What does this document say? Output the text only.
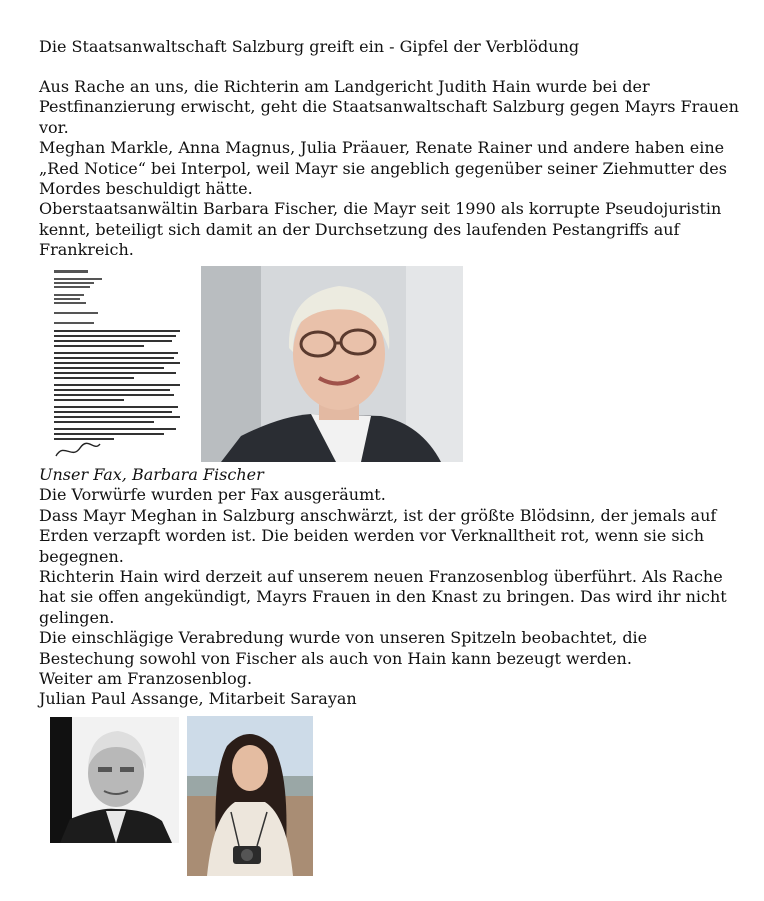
Die Staatsanwaltschaft Salzburg greift ein - Gipfel der Verblödung

Aus Rache an uns, die Richterin am Landgericht Judith Hain wurde bei der Pestfinanzierung erwischt, geht die Staatsanwaltschaft Salzburg gegen Mayrs Frauen vor.
Meghan Markle, Anna Magnus, Julia Präauer, Renate Rainer und andere haben eine „Red Notice“ bei Interpol, weil Mayr sie angeblich gegenüber seiner Ziehmutter des Mordes beschuldigt hätte.
Oberstaatsanwältin Barbara Fischer, die Mayr seit 1990 als korrupte Pseudojuristin kennt, beteiligt sich damit an der Durchsetzung des laufenden Pestangriffs auf Frankreich.
Unser Fax, Barbara Fischer
Die Vorwürfe wurden per Fax ausgeräumt.
Dass Mayr Meghan in Salzburg anschwärzt, ist der größte Blödsinn, der jemals auf Erden verzapft worden ist. Die beiden werden vor Verknalltheit rot, wenn sie sich begegnen.
Richterin Hain wird derzeit auf unserem neuen Franzosenblog überführt. Als Rache hat sie offen angekündigt, Mayrs Frauen in den Knast zu bringen. Das wird ihr nicht gelingen.
Die einschlägige Verabredung wurde von unseren Spitzeln beobachtet, die Bestechung sowohl von Fischer als auch von Hain kann bezeugt werden.
Weiter am Franzosenblog.
Julian Paul Assange, Mitarbeit Sarayan
